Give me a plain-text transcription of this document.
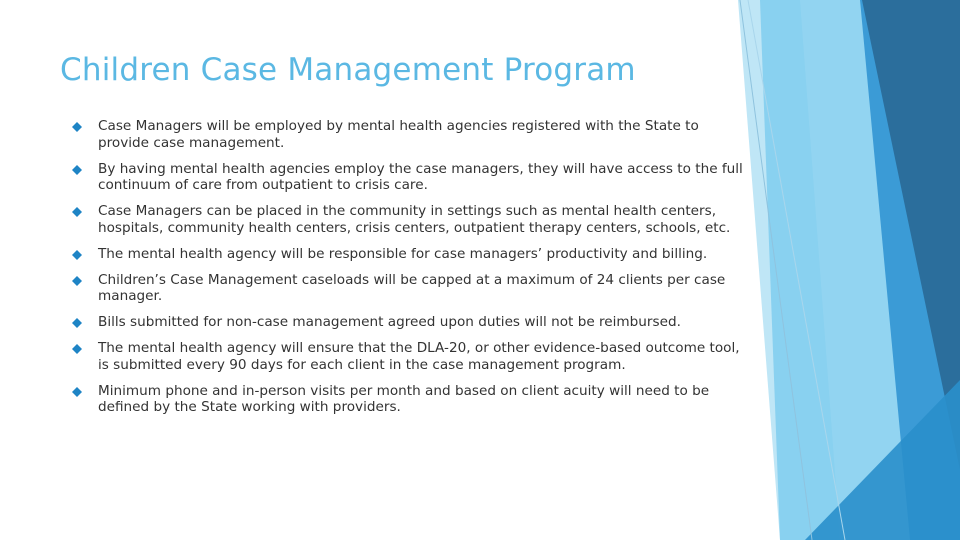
Children Case Management Program
Case Managers will be employed by mental health agencies registered with the State to provide case management.
By having mental health agencies employ the case managers, they will have access to the full continuum of care from outpatient to crisis care.
Case Managers can be placed in the community in settings such as mental health centers, hospitals, community health centers, crisis centers, outpatient therapy centers, schools, etc.
The mental health agency will be responsible for case managers’ productivity and billing.
Children’s Case Management caseloads will be capped at a maximum of 24 clients per case manager.
Bills submitted for non-case management agreed upon duties will not be reimbursed.
The mental health agency will ensure that the DLA-20, or other evidence-based outcome tool, is submitted every 90 days for each client in the case management program.
Minimum phone and in-person visits per month and based on client acuity will need to be defined by the State working with providers.
